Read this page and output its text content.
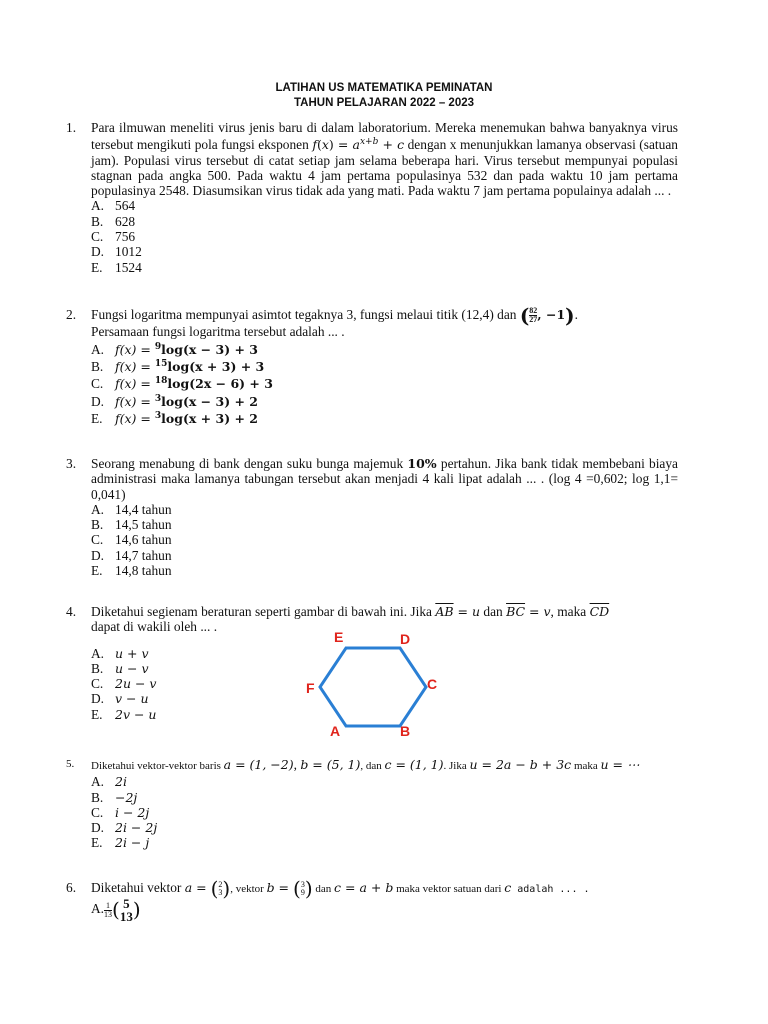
LATIHAN US MATEMATIKA PEMINATAN
TAHUN PELAJARAN 2022 – 2023
1. Para ilmuwan meneliti virus jenis baru di dalam laboratorium. Mereka menemukan bahwa banyaknya virus tersebut mengikuti pola fungsi eksponen $f(x) = a^{x+b} + c$ dengan x menunjukkan lamanya observasi (satuan jam). Populasi virus tersebut di catat setiap jam selama beberapa hari. Virus tersebut mempunyai populasi stagnan pada angka 500. Pada waktu 4 jam pertama populasinya 532 dan pada waktu 10 jam pertama populasinya 2548. Diasumsikan virus tidak ada yang mati. Pada waktu 7 jam pertama populainya adalah ... .
A. 564
B. 628
C. 756
D. 1012
E. 1524
2. Fungsi logaritma mempunyai asimtot tegaknya 3, fungsi melaui titik (12,4) dan ( $\frac{82}{27}$ , −1).
Persamaan fungsi logaritma tersebut adalah ... .
A. f(x) = $^9$log(x − 3) + 3
B. f(x) = $^{15}$log(x + 3) + 3
C. f(x) = $^{18}$log(2x − 6) + 3
D. f(x) = $^3$log(x − 3) + 2
E. f(x) = $^3$log(x + 3) + 2
3. Seorang menabung di bank dengan suku bunga majemuk 10% pertahun. Jika bank tidak membebani biaya administrasi maka lamanya tabungan tersebut akan menjadi 4 kali lipat adalah ... . (log 4 =0,602; log 1,1= 0,041)
A. 14,4 tahun
B. 14,5 tahun
C. 14,6 tahun
D. 14,7 tahun
E. 14,8 tahun
4. Diketahui segienam beraturan seperti gambar di bawah ini. Jika $\overline{AB} = u$ dan $\overline{BC} = v$, maka $\overline{CD}$
dapat di wakili oleh ... .
A. u + v
B. u − v
C. 2u − v
D. v − u
E. 2v − u
E	D
F	C
A	B
5. Diketahui vektor-vektor baris a = (1, −2), b = (5, 1), dan c = (1, 1). Jika u = 2a − b + 3c maka u = ⋯
A. 2i
B. −2j
C. i − 2j
D. 2i − 2j
E. 2i − j
6. Diketahui vektor a = ( 2
3 ), vektor b = ( 3
9 ) dan c = a + b maka vektor satuan dari c adalah ... .
A. $\frac{1}{13}$ ( 5
13 )
